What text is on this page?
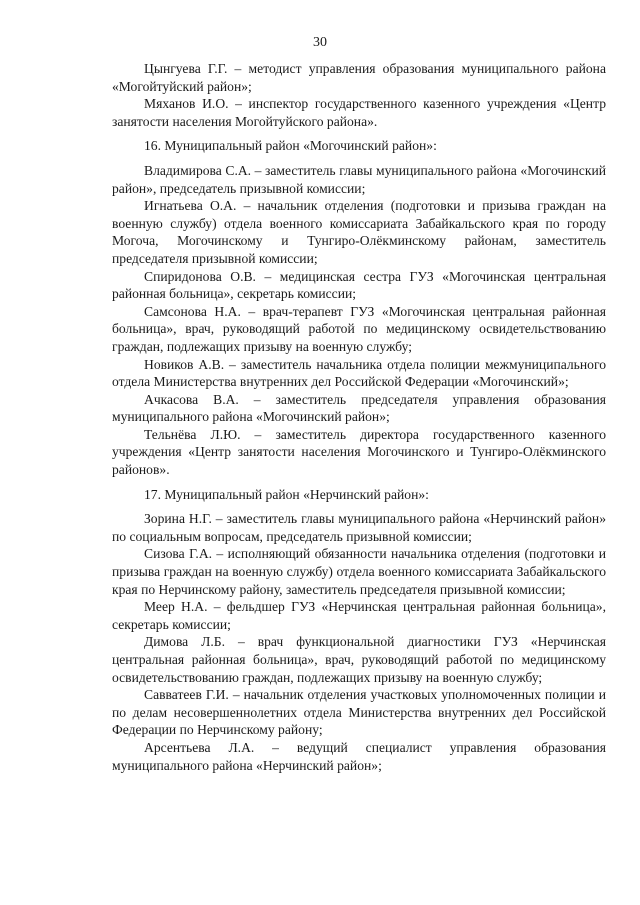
30

Цынгуева Г.Г. – методист управления образования муниципального района «Могойтуйский район»;

Мяханов И.О. – инспектор государственного казенного учреждения «Центр занятости населения Могойтуйского района».

16. Муниципальный район «Могочинский район»:

Владимирова С.А. – заместитель главы муниципального района «Могочинский район», председатель призывной комиссии;

Игнатьева О.А. – начальник отделения (подготовки и призыва граждан на военную службу) отдела военного комиссариата Забайкальского края по городу Могоча, Могочинскому и Тунгиро-Олёкминскому районам, заместитель председателя призывной комиссии;

Спиридонова О.В. – медицинская сестра ГУЗ «Могочинская центральная районная больница», секретарь комиссии;

Самсонова Н.А. – врач-терапевт ГУЗ «Могочинская центральная районная больница», врач, руководящий работой по медицинскому освидетельствованию граждан, подлежащих призыву на военную службу;

Новиков А.В. – заместитель начальника отдела полиции межмуниципального отдела Министерства внутренних дел Российской Федерации «Могочинский»;

Ачкасова В.А. – заместитель председателя управления образования муниципального района «Могочинский район»;

Тельнёва Л.Ю. – заместитель директора государственного казенного учреждения «Центр занятости населения Могочинского и Тунгиро-Олёкминского районов».

17. Муниципальный район «Нерчинский район»:

Зорина Н.Г. – заместитель главы муниципального района «Нерчинский район» по социальным вопросам, председатель призывной комиссии;

Сизова Г.А. – исполняющий обязанности начальника отделения (подготовки и призыва граждан на военную службу) отдела военного комиссариата Забайкальского края по Нерчинскому району, заместитель председателя призывной комиссии;

Меер Н.А. – фельдшер ГУЗ «Нерчинская центральная районная больница», секретарь комиссии;

Димова Л.Б. – врач функциональной диагностики ГУЗ «Нерчинская центральная районная больница», врач, руководящий работой по медицинскому освидетельствованию граждан, подлежащих призыву на военную службу;

Савватеев Г.И. – начальник отделения участковых уполномоченных полиции и по делам несовершеннолетних отдела Министерства внутренних дел Российской Федерации по Нерчинскому району;

Арсентьева Л.А. – ведущий специалист управления образования муниципального района «Нерчинский район»;
